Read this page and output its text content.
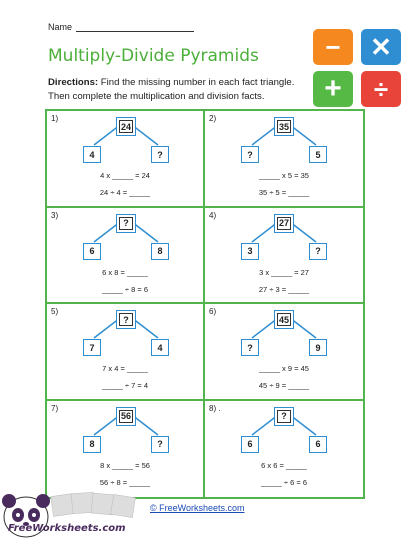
Name
Multiply-Divide Pyramids
Directions: Find the missing number in each fact triangle. Then complete the multiplication and division facts.
−	✕
+	÷
1)
24
4	?
4 x _____ = 24
24 ÷ 4 = _____
2)
35
?	5
_____ x 5 = 35
35 ÷ 5 = _____
3)
?
6	8
6 x 8 = _____
_____ ÷ 8 = 6
4)
27
3	?
3 x _____ = 27
27 ÷ 3 = _____
5)
?
7	4
7 x 4 = _____
_____ ÷ 7 = 4
6)
45
?	9
_____ x 9 = 45
45 ÷ 9 = _____
7)
56
8	?
8 x _____ = 56
56 ÷ 8 = _____
8) .
?
6	6
6 x 6 = _____
_____ ÷ 6 = 6
FreeWorksheets.com
© FreeWorksheets.com
